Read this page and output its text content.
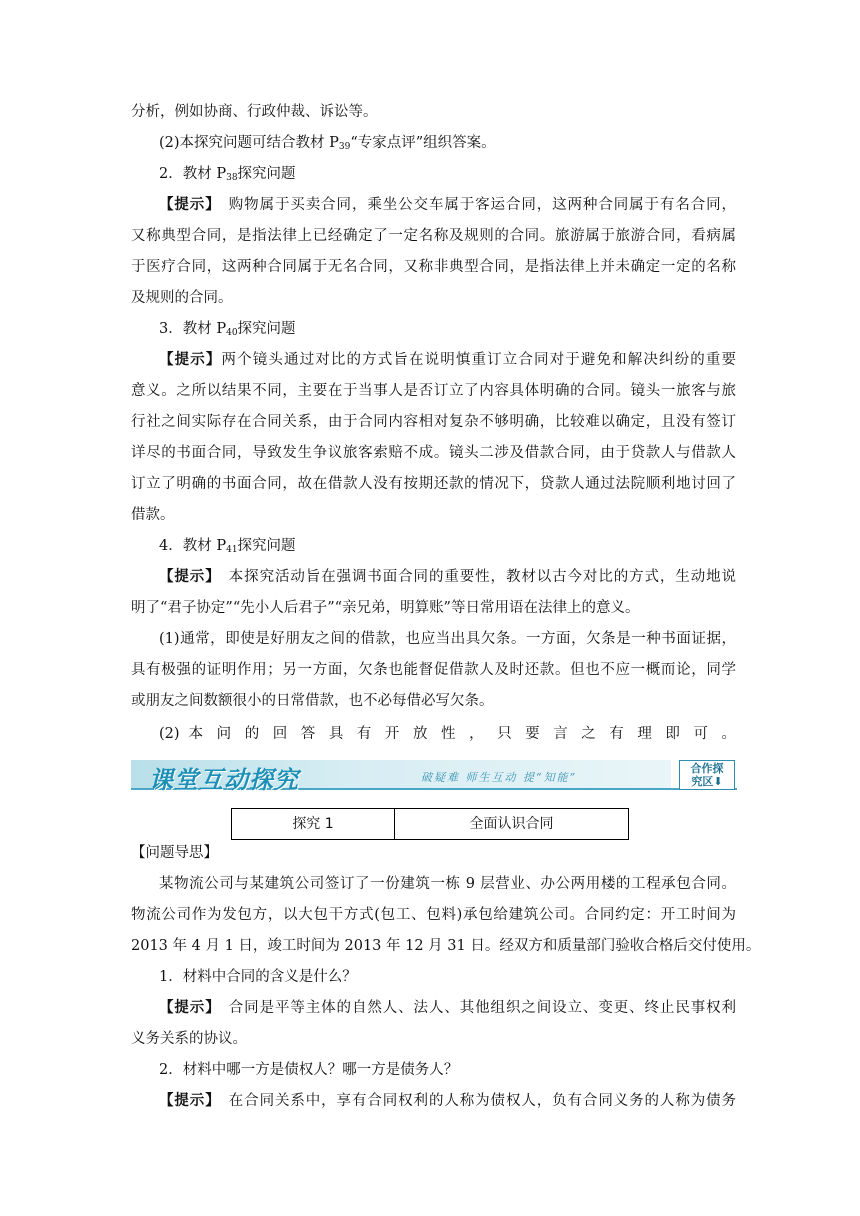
分析，例如协商、行政仲裁、诉讼等。
(2)本探究问题可结合教材 $P_{39}“$专家点评”组织答案。
2．教材 $P_{38}$探究问题
【提示】　 购物属于买卖合同，乘坐公交车属于客运合同，这两种合同属于有名合同，
又称典型合同，是指法律上已经确定了一定名称及规则的合同。旅游属于旅游合同，看病属
于医疗合同，这两种合同属于无名合同，又称非典型合同，是指法律上并未确定一定的名称
及规则的合同。
3．教材 $P_{40}$探究问题
【提示】两个镜头通过对比的方式旨在说明慎重订立合同对于避免和解决纠纷的重要
意义。之所以结果不同，主要在于当事人是否订立了内容具体明确的合同。镜头一旅客与旅
行社之间实际存在合同关系，由于合同内容相对复杂不够明确，比较难以确定，且没有签订
详尽的书面合同，导致发生争议旅客索赔不成。镜头二涉及借款合同，由于贷款人与借款人
订立了明确的书面合同，故在借款人没有按期还款的情况下，贷款人通过法院顺利地讨回了
借款。
4．教材 $P_{41}$探究问题
【提示】　 本探究活动旨在强调书面合同的重要性，教材以古今对比的方式，生动地说
明了“君子协定”“先小人后君子”“亲兄弟，明算账”等日常用语在法律上的意义。
(1)通常，即使是好朋友之间的借款，也应当出具欠条。一方面，欠条是一种书面证据，
具有极强的证明作用；另一方面，欠条也能督促借款人及时还款。但也不应一概而论，同学
或朋友之间数额很小的日常借款，也不必每借必写欠条。
(2) 本 问 的 回 答 具 有 开 放 性 ， 只 要 言 之 有 理 即 可 。
课堂互动探究	破疑难 师生互动 提“知能”
合作探
究区⬇
探究 1	全面认识合同
【问题导思】
某物流公司与某建筑公司签订了一份建筑一栋 9 层营业、办公两用楼的工程承包合同。
物流公司作为发包方，以大包干方式(包工、包料)承包给建筑公司。合同约定：开工时间为
2013 年 4 月 1 日，竣工时间为 2013 年 12 月 31 日。经双方和质量部门验收合格后交付使用。
1．材料中合同的含义是什么？
【提示】　 合同是平等主体的自然人、法人、其他组织之间设立、变更、终止民事权利
义务关系的协议。
2．材料中哪一方是债权人？哪一方是债务人？
【提示】　 在合同关系中，享有合同权利的人称为债权人，负有合同义务的人称为债务
